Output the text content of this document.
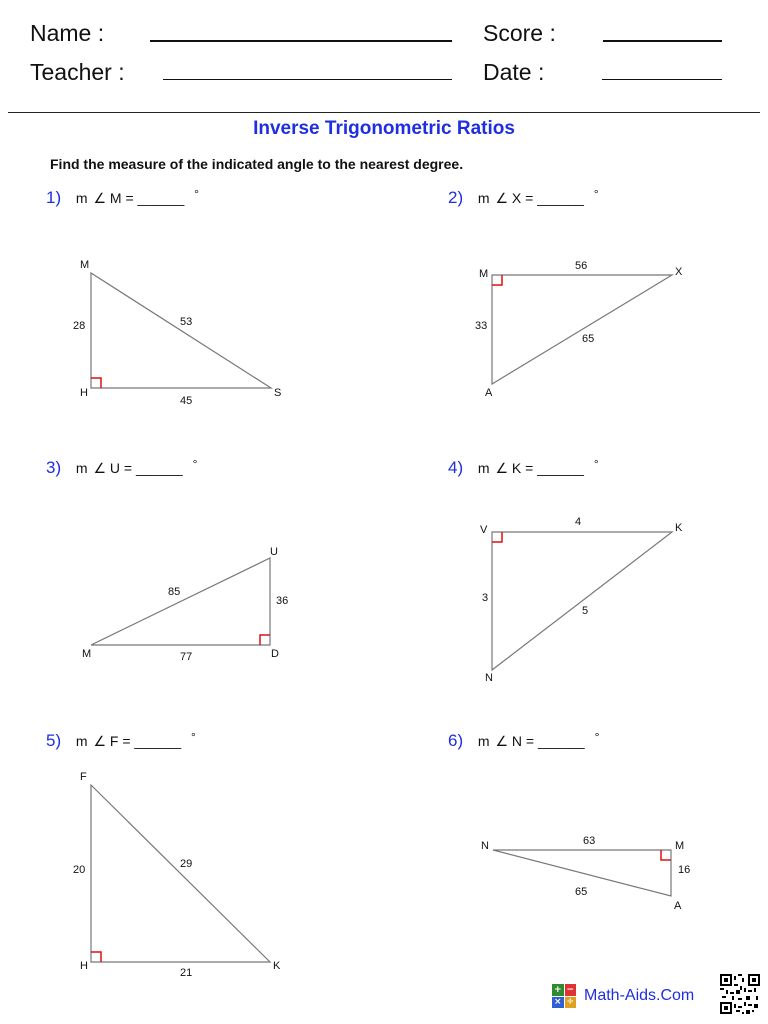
Name :
Teacher :
Score :
Date :
Inverse Trigonometric Ratios
Find the measure of the indicated angle to the nearest degree.
1) m ∠ M = ______ °	2) m ∠ X = ______ °
3) m ∠ U = ______ °	4) m ∠ K = ______ °
5) m ∠ F = ______ °	6) m ∠ N = ______ °
M
H	S
28	53
45
M	X
A
56
33
65
U
M	D
85
36
77
V	K
N
4
3
5
F
H	K
20	29
21
N	M
A
63
16
65
+ −
× ÷ Math-Aids.Com
